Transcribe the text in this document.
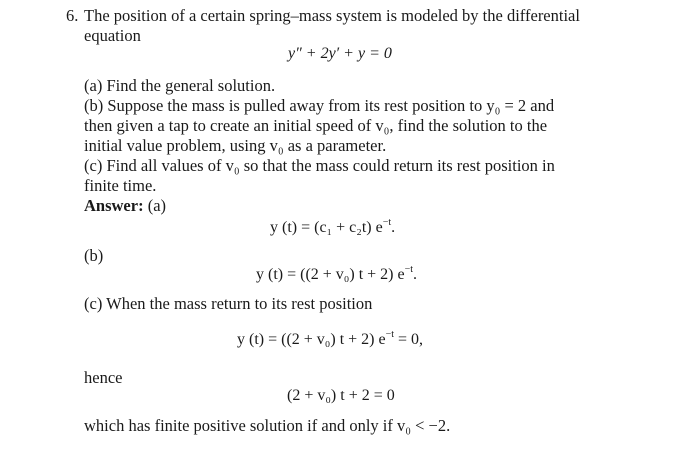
6. The position of a certain spring–mass system is modeled by the differential
equation
y″ + 2y′ + y = 0
(a) Find the general solution.
(b) Suppose the mass is pulled away from its rest position to y₀ = 2 and
then given a tap to create an initial speed of v₀, find the solution to the
initial value problem, using v₀ as a parameter.
(c) Find all values of v₀ so that the mass could return its rest position in
finite time.
Answer: (a)
y (t) = (c₁ + c₂t) $e^{-t}$.
(b)
y (t) = ((2 + v₀) t + 2) $e^{-t}$.
(c) When the mass return to its rest position
y (t) = ((2 + v₀) t + 2) $e^{-t} = 0$,
hence
(2 + v₀) t + 2 = 0
which has finite positive solution if and only if v₀ < −2.
